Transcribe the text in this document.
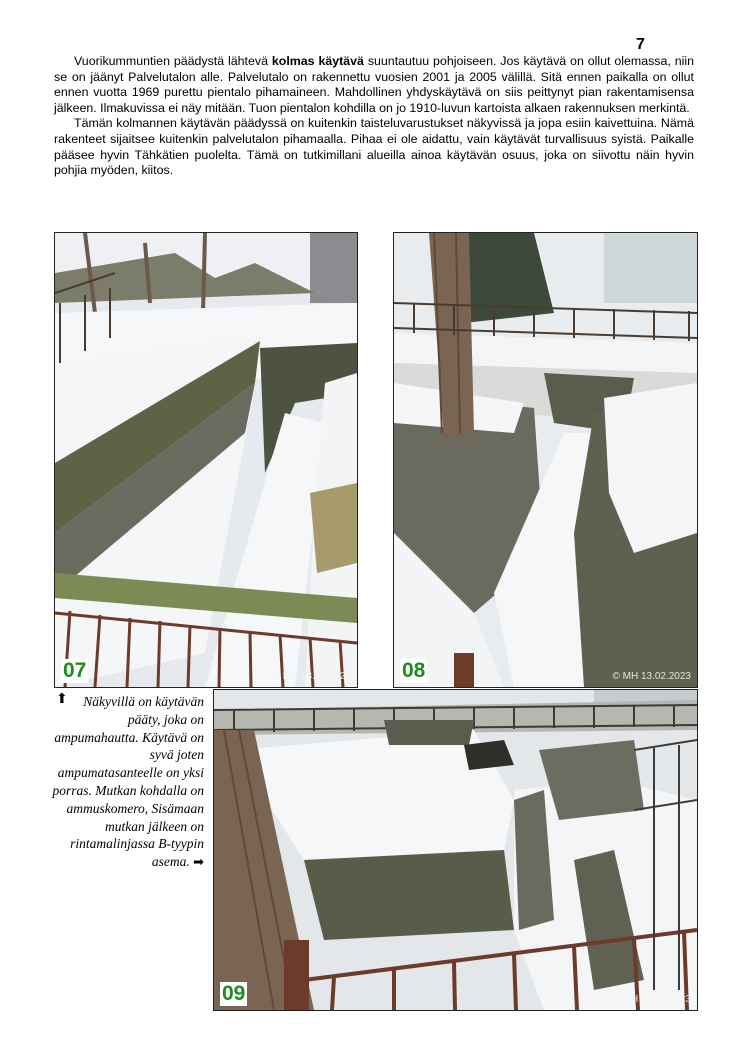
7

Vuorikummuntien päädystä lähtevä kolmas käytävä suuntautuu pohjoiseen. Jos käytävä on ollut olemassa, niin se on jäänyt Palvelutalon alle. Palvelutalo on rakennettu vuosien 2001 ja 2005 välillä. Sitä ennen paikalla on ollut ennen vuotta 1969 purettu pientalo pihamaineen. Mahdollinen yhdyskäytävä on siis peittynyt pian rakentamisensa jälkeen. Ilmakuvissa ei näy mitään. Tuon pientalon kohdilla on jo 1910-luvun kartoista alkaen rakennuksen merkintä.

Tämän kolmannen käytävän päädyssä on kuitenkin taisteluvarustukset näkyvissä ja jopa esiin kaivettuina. Nämä rakenteet sijaitsee kuitenkin palvelutalon pihamaalla. Pihaa ei ole aidattu, vain käytävät turvallisuus syistä. Paikalle pääsee hyvin Tähkätien puolelta. Tämä on tutkimillani alueilla ainoa käytävän osuus, joka on siivottu näin hyvin pohjia myöden, kiitos.

07	© MH 13.02.2023 08	© MH 13.02.2023
⬆ Näkyvillä on käytävän pääty, joka on ampumahautta. Käytävä on syvä joten ampumatasanteelle on yksi porras. Mutkan kohdalla on ammuskomero, Sisämaan mutkan jälkeen on rintamalinjassa B-tyypin asema. ➡
09	© MH 13.02.2023
